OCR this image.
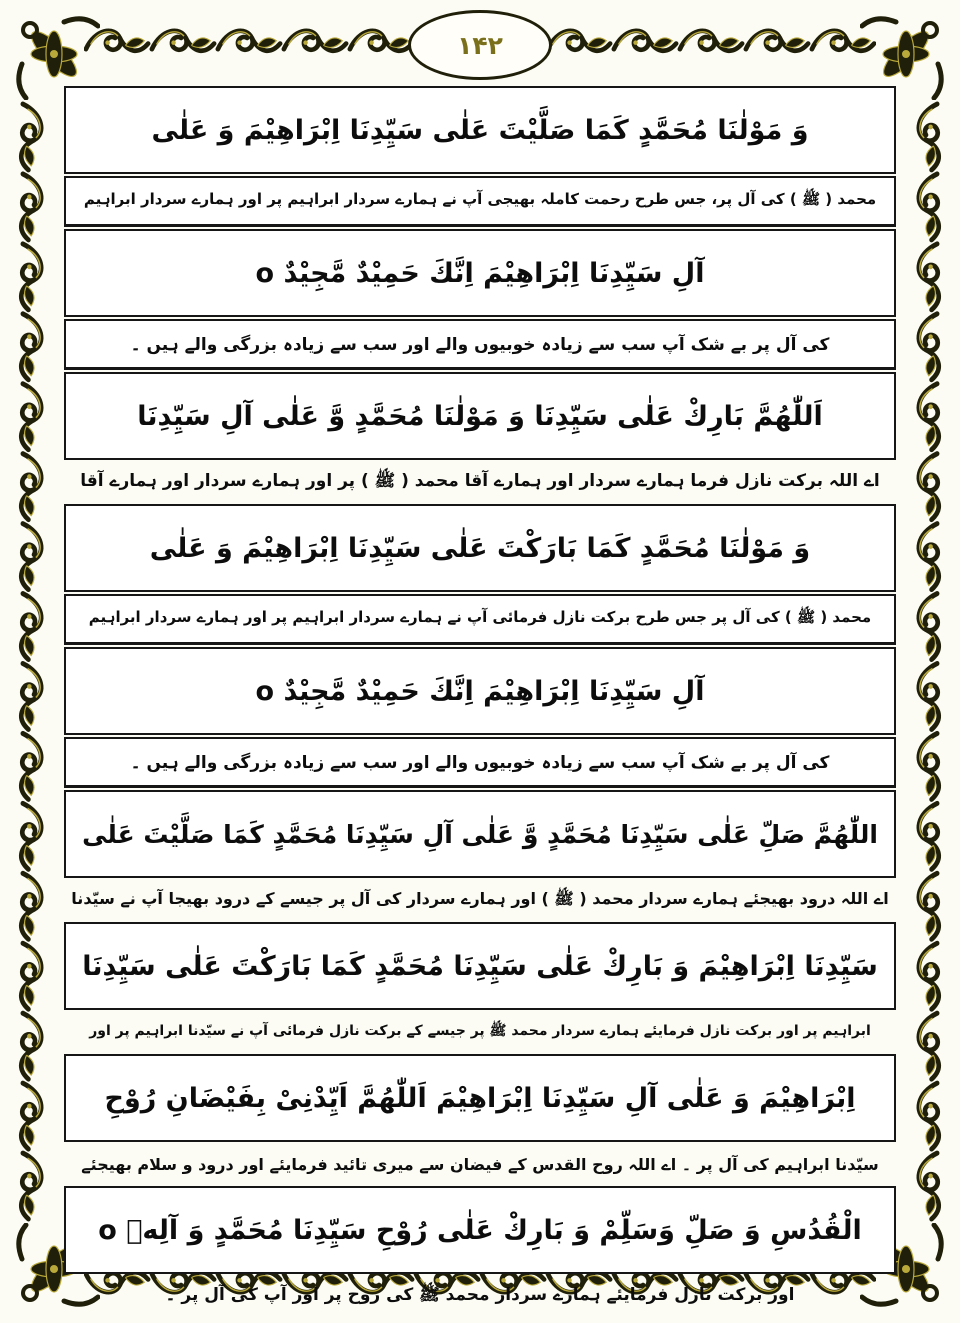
۱۴۲
وَ مَوْلٰنَا مُحَمَّدٍ کَمَا صَلَّیْتَ عَلٰی سَیِّدِنَا اِبْرَاهِیْمَ وَ عَلٰی
محمد ( ﷺ ) کی آل پر، جس طرح رحمت کاملہ بھیجی آپ نے ہمارے سردار ابراہیم پر اور ہمارے سردار ابراہیم
آلِ سَیِّدِنَا اِبْرَاهِیْمَ اِنَّكَ حَمِیْدٌ مَّجِیْدٌ o
کی آل پر بے شک آپ سب سے زیادہ خوبیوں والے اور سب سے زیادہ بزرگی والے ہیں ۔
اَللّٰهُمَّ بَارِكْ عَلٰی سَیِّدِنَا وَ مَوْلٰنَا مُحَمَّدٍ وَّ عَلٰی آلِ سَیِّدِنَا
اے اللہ برکت نازل فرما ہمارے سردار اور ہمارے آقا محمد ( ﷺ ) پر اور ہمارے سردار اور ہمارے آقا
وَ مَوْلٰنَا مُحَمَّدٍ کَمَا بَارَکْتَ عَلٰی سَیِّدِنَا اِبْرَاهِیْمَ وَ عَلٰی
محمد ( ﷺ ) کی آل پر جس طرح برکت نازل فرمائی آپ نے ہمارے سردار ابراہیم پر اور ہمارے سردار ابراہیم
آلِ سَیِّدِنَا اِبْرَاهِیْمَ اِنَّكَ حَمِیْدٌ مَّجِیْدٌ o
کی آل پر بے شک آپ سب سے زیادہ خوبیوں والے اور سب سے زیادہ بزرگی والے ہیں ۔
اللّٰهُمَّ صَلِّ عَلٰی سَیِّدِنَا مُحَمَّدٍ وَّ عَلٰی آلِ سَیِّدِنَا مُحَمَّدٍ کَمَا صَلَّیْتَ عَلٰی
اے اللہ درود بھیجئے ہمارے سردار محمد ( ﷺ ) اور ہمارے سردار کی آل پر جیسے کے درود بھیجا آپ نے سیّدنا
سَیِّدِنَا اِبْرَاهِیْمَ وَ بَارِكْ عَلٰی سَیِّدِنَا مُحَمَّدٍ کَمَا بَارَکْتَ عَلٰی سَیِّدِنَا
ابراہیم پر اور برکت نازل فرمایئے ہمارے سردار محمد ﷺ پر جیسے کے برکت نازل فرمائی آپ نے سیّدنا ابراہیم پر اور
اِبْرَاهِیْمَ وَ عَلٰی آلِ سَیِّدِنَا اِبْرَاهِیْمَ اَللّٰهُمَّ اَیِّدْنِیْ بِفَیْضَانِ رُوْحِ
سیّدنا ابراہیم کی آل پر ۔ اے اللہ روح القدس کے فیضان سے میری تائید فرمایئے اور درود و سلام بھیجئے
الْقُدُسِ وَ صَلِّ وَسَلِّمْ وَ بَارِكْ عَلٰی رُوْحِ سَیِّدِنَا مُحَمَّدٍ وَ آلِهٖ o
اور برکت نازل فرمایئے ہمارے سردار محمد ﷺ کی روح پر اور آپ کی آل پر ۔
